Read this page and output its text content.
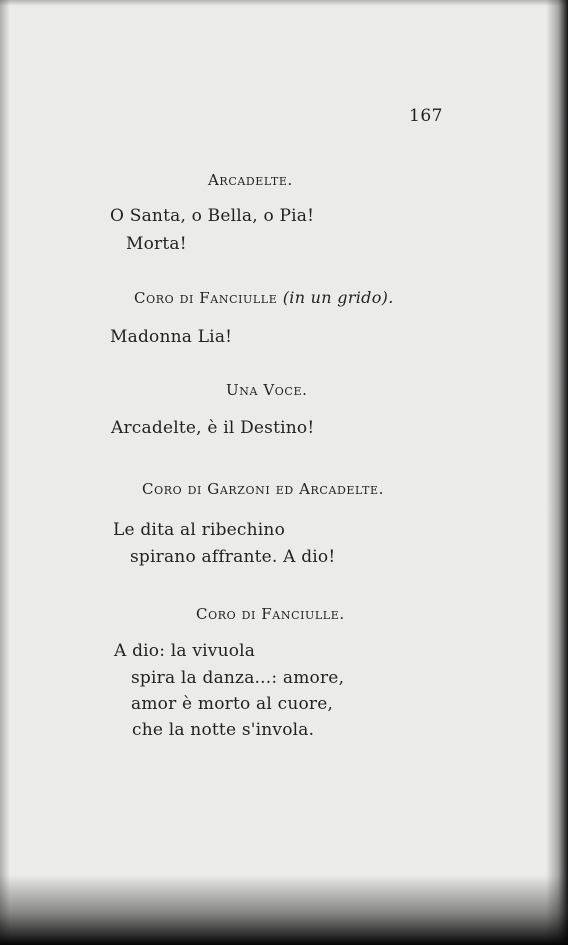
167
Arcadelte.
O Santa, o Bella, o Pia!
Morta!
Coro di Fanciulle (in un grido).
Madonna Lia!
Una Voce.
Arcadelte, è il Destino!
Coro di Garzoni ed Arcadelte.
Le dita al ribechino
spirano affrante. A dio!
Coro di Fanciulle.
A dio: la vivuola
spira la danza...: amore,
amor è morto al cuore,
che la notte s'invola.
